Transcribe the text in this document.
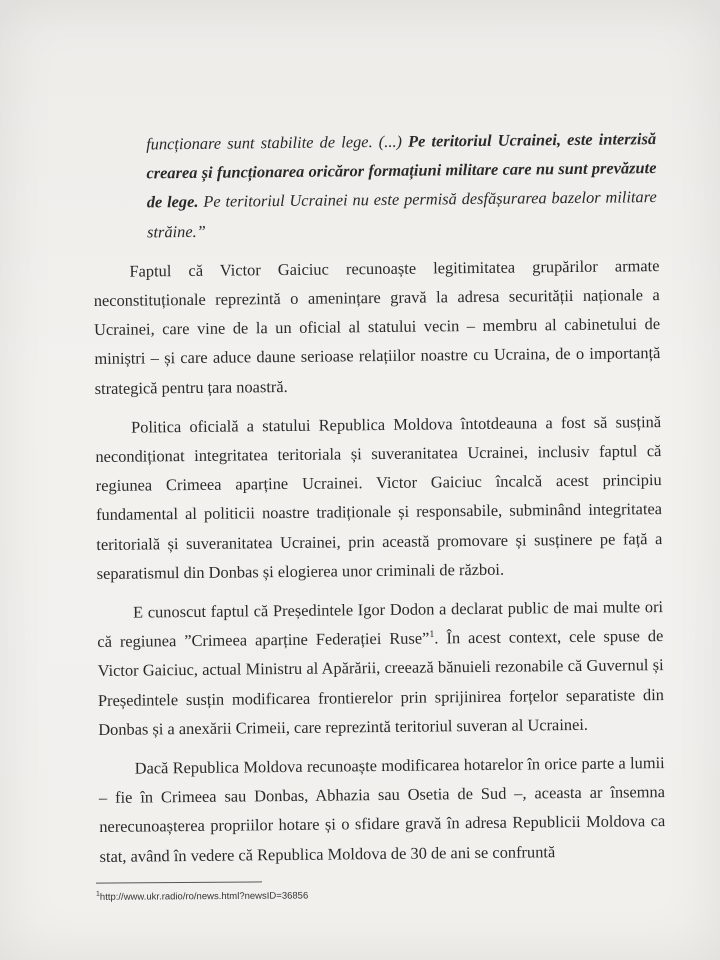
funcționare sunt stabilite de lege. (...) Pe teritoriul Ucrainei, este interzisă crearea și funcționarea oricăror formațiuni militare care nu sunt prevăzute de lege. Pe teritoriul Ucrainei nu este permisă desfășurarea bazelor militare străine.”

Faptul că Victor Gaiciuc recunoaște legitimitatea grupărilor armate neconstituționale reprezintă o amenințare gravă la adresa securității naționale a Ucrainei, care vine de la un oficial al statului vecin – membru al cabinetului de miniștri – și care aduce daune serioase relațiilor noastre cu Ucraina, de o importanță strategică pentru țara noastră.

Politica oficială a statului Republica Moldova întotdeauna a fost să susțină necondiționat integritatea teritoriala și suveranitatea Ucrainei, inclusiv faptul că regiunea Crimeea aparține Ucrainei. Victor Gaiciuc încalcă acest principiu fundamental al politicii noastre tradiționale și responsabile, subminând integritatea teritorială și suveranitatea Ucrainei, prin această promovare și susținere pe față a separatismul din Donbas și elogierea unor criminali de război.

E cunoscut faptul că Președintele Igor Dodon a declarat public de mai multe ori că regiunea ”Crimeea aparține Federației Ruse”$^1$. În acest context, cele spuse de Victor Gaiciuc, actual Ministru al Apărării, creează bănuieli rezonabile că Guvernul și Președintele susțin modificarea frontierelor prin sprijinirea forțelor separatiste din Donbas și a anexării Crimeii, care reprezintă teritoriul suveran al Ucrainei.

Dacă Republica Moldova recunoaște modificarea hotarelor în orice parte a lumii – fie în Crimeea sau Donbas, Abhazia sau Osetia de Sud –, aceasta ar însemna nerecunoașterea propriilor hotare și o sfidare gravă în adresa Republicii Moldova ca stat, având în vedere că Republica Moldova de 30 de ani se confruntă

$^1$http://www.ukr.radio/ro/news.html?newsID=36856
